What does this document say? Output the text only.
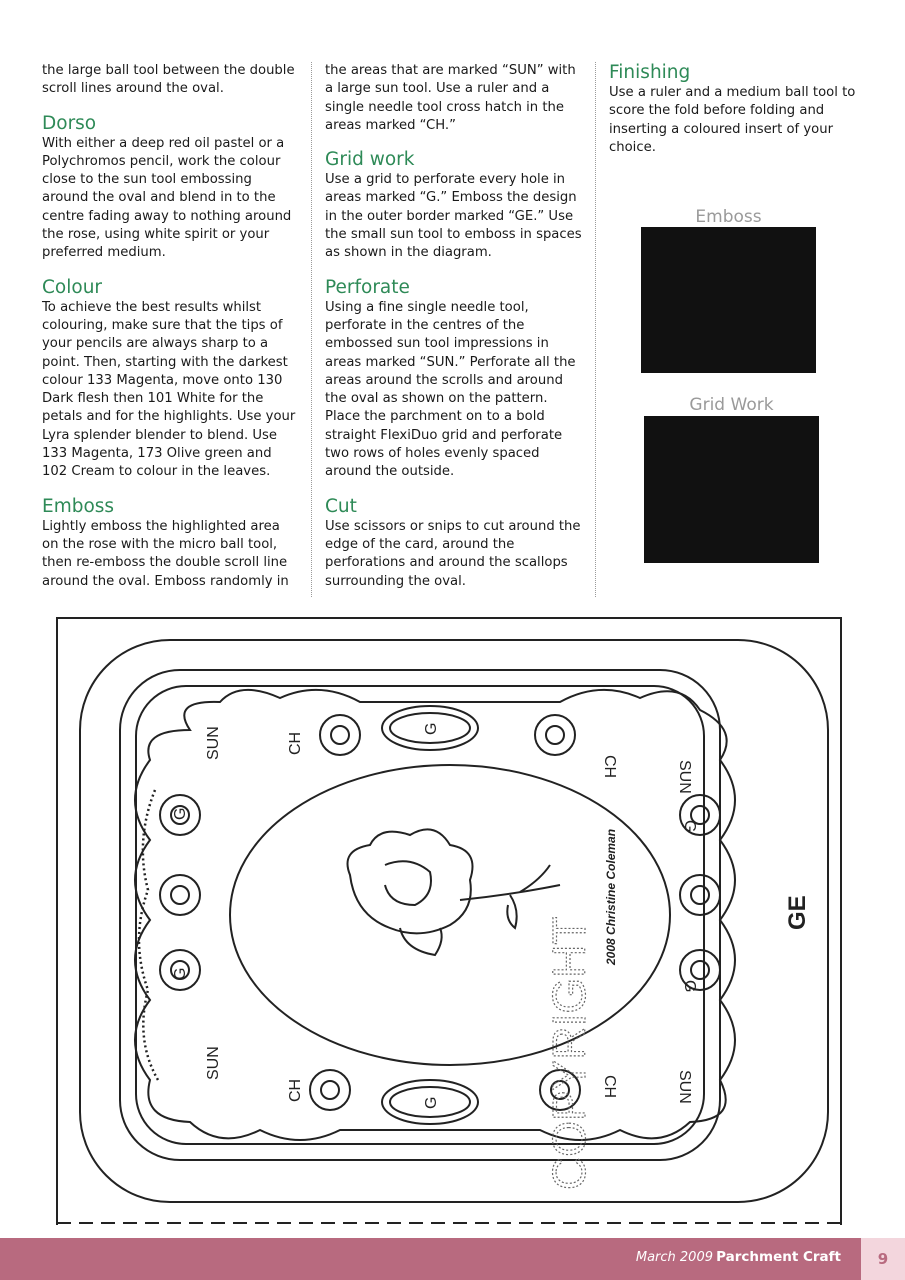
the large ball tool between the double scroll lines around the oval.

Dorso

With either a deep red oil pastel or a Polychromos pencil, work the colour close to the sun tool embossing around the oval and blend in to the centre fading away to nothing around the rose, using white spirit or your preferred medium.

Colour

To achieve the best results whilst colouring, make sure that the tips of your pencils are always sharp to a point. Then, starting with the darkest colour 133 Magenta, move onto 130 Dark flesh then 101 White for the petals and for the highlights. Use your Lyra splender blender to blend. Use 133 Magenta, 173 Olive green and 102 Cream to colour in the leaves.

Emboss

Lightly emboss the highlighted area on the rose with the micro ball tool, then re-emboss the double scroll line around the oval. Emboss randomly in

the areas that are marked “SUN” with a large sun tool. Use a ruler and a single needle tool cross hatch in the areas marked “CH.”

Grid work

Use a grid to perforate every hole in areas marked “G.” Emboss the design in the outer border marked “GE.” Use the small sun tool to emboss in spaces as shown in the diagram.

Perforate

Using a fine single needle tool, perforate in the centres of the embossed sun tool impressions in areas marked “SUN.” Perforate all the areas around the scrolls and around the oval as shown on the pattern. Place the parchment on to a bold straight FlexiDuo grid and perforate two rows of holes evenly spaced around the outside.

Cut

Use scissors or snips to cut around the edge of the card, around the perforations and around the scallops surrounding the oval.

Finishing

Use a ruler and a medium ball tool to score the fold before folding and inserting a coloured insert of your choice.

Emboss
Grid Work
SUN	CH
G
CH	SUN
G
G
G
G
SUN
CH
G
CH	SUN
GE
2008 Christine Coleman
COPYRIGHT
March 2009 Parchment Craft	9
